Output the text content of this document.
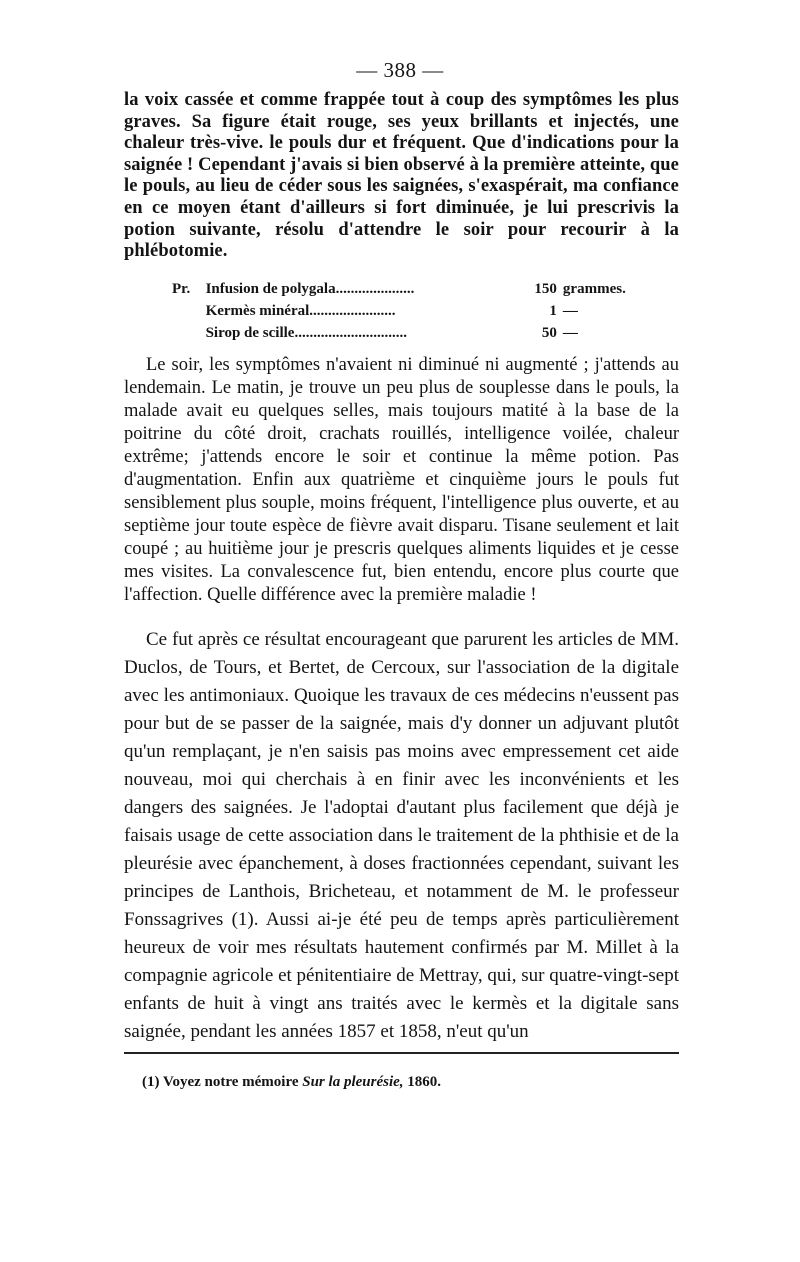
— 388 —
la voix cassée et comme frappée tout à coup des symptômes les plus graves. Sa figure était rouge, ses yeux brillants et injectés, une chaleur très-vive. le pouls dur et fréquent. Que d'indications pour la saignée ! Cependant j'avais si bien observé à la première atteinte, que le pouls, au lieu de céder sous les saignées, s'exaspérait, ma confiance en ce moyen étant d'ailleurs si fort diminuée, je lui prescrivis la potion suivante, résolu d'attendre le soir pour recourir à la phlébotomie.
Pr.	Infusion de polygala.....................	150 grammes.
Kermès minéral.......................	1 —
Sirop de scille..............................	50 —
Le soir, les symptômes n'avaient ni diminué ni augmenté ; j'attends au lendemain. Le matin, je trouve un peu plus de souplesse dans le pouls, la malade avait eu quelques selles, mais toujours matité à la base de la poitrine du côté droit, crachats rouillés, intelligence voilée, chaleur extrême; j'attends encore le soir et continue la même potion. Pas d'augmentation. Enfin aux quatrième et cinquième jours le pouls fut sensiblement plus souple, moins fréquent, l'intelligence plus ouverte, et au septième jour toute espèce de fièvre avait disparu. Tisane seulement et lait coupé ; au huitième jour je prescris quelques aliments liquides et je cesse mes visites. La convalescence fut, bien entendu, encore plus courte que l'affection. Quelle différence avec la première maladie !
Ce fut après ce résultat encourageant que parurent les articles de MM. Duclos, de Tours, et Bertet, de Cercoux, sur l'association de la digitale avec les antimoniaux. Quoique les travaux de ces médecins n'eussent pas pour but de se passer de la saignée, mais d'y donner un adjuvant plutôt qu'un remplaçant, je n'en saisis pas moins avec empressement cet aide nouveau, moi qui cherchais à en finir avec les inconvénients et les dangers des saignées. Je l'adoptai d'autant plus facilement que déjà je faisais usage de cette association dans le traitement de la phthisie et de la pleurésie avec épanchement, à doses fractionnées cependant, suivant les principes de Lanthois, Bricheteau, et notamment de M. le professeur Fonssagrives (1). Aussi ai-je été peu de temps après particulièrement heureux de voir mes résultats hautement confirmés par M. Millet à la compagnie agricole et pénitentiaire de Mettray, qui, sur quatre-vingt-sept enfants de huit à vingt ans traités avec le kermès et la digitale sans saignée, pendant les années 1857 et 1858, n'eut qu'un
(1) Voyez notre mémoire Sur la pleurésie, 1860.
